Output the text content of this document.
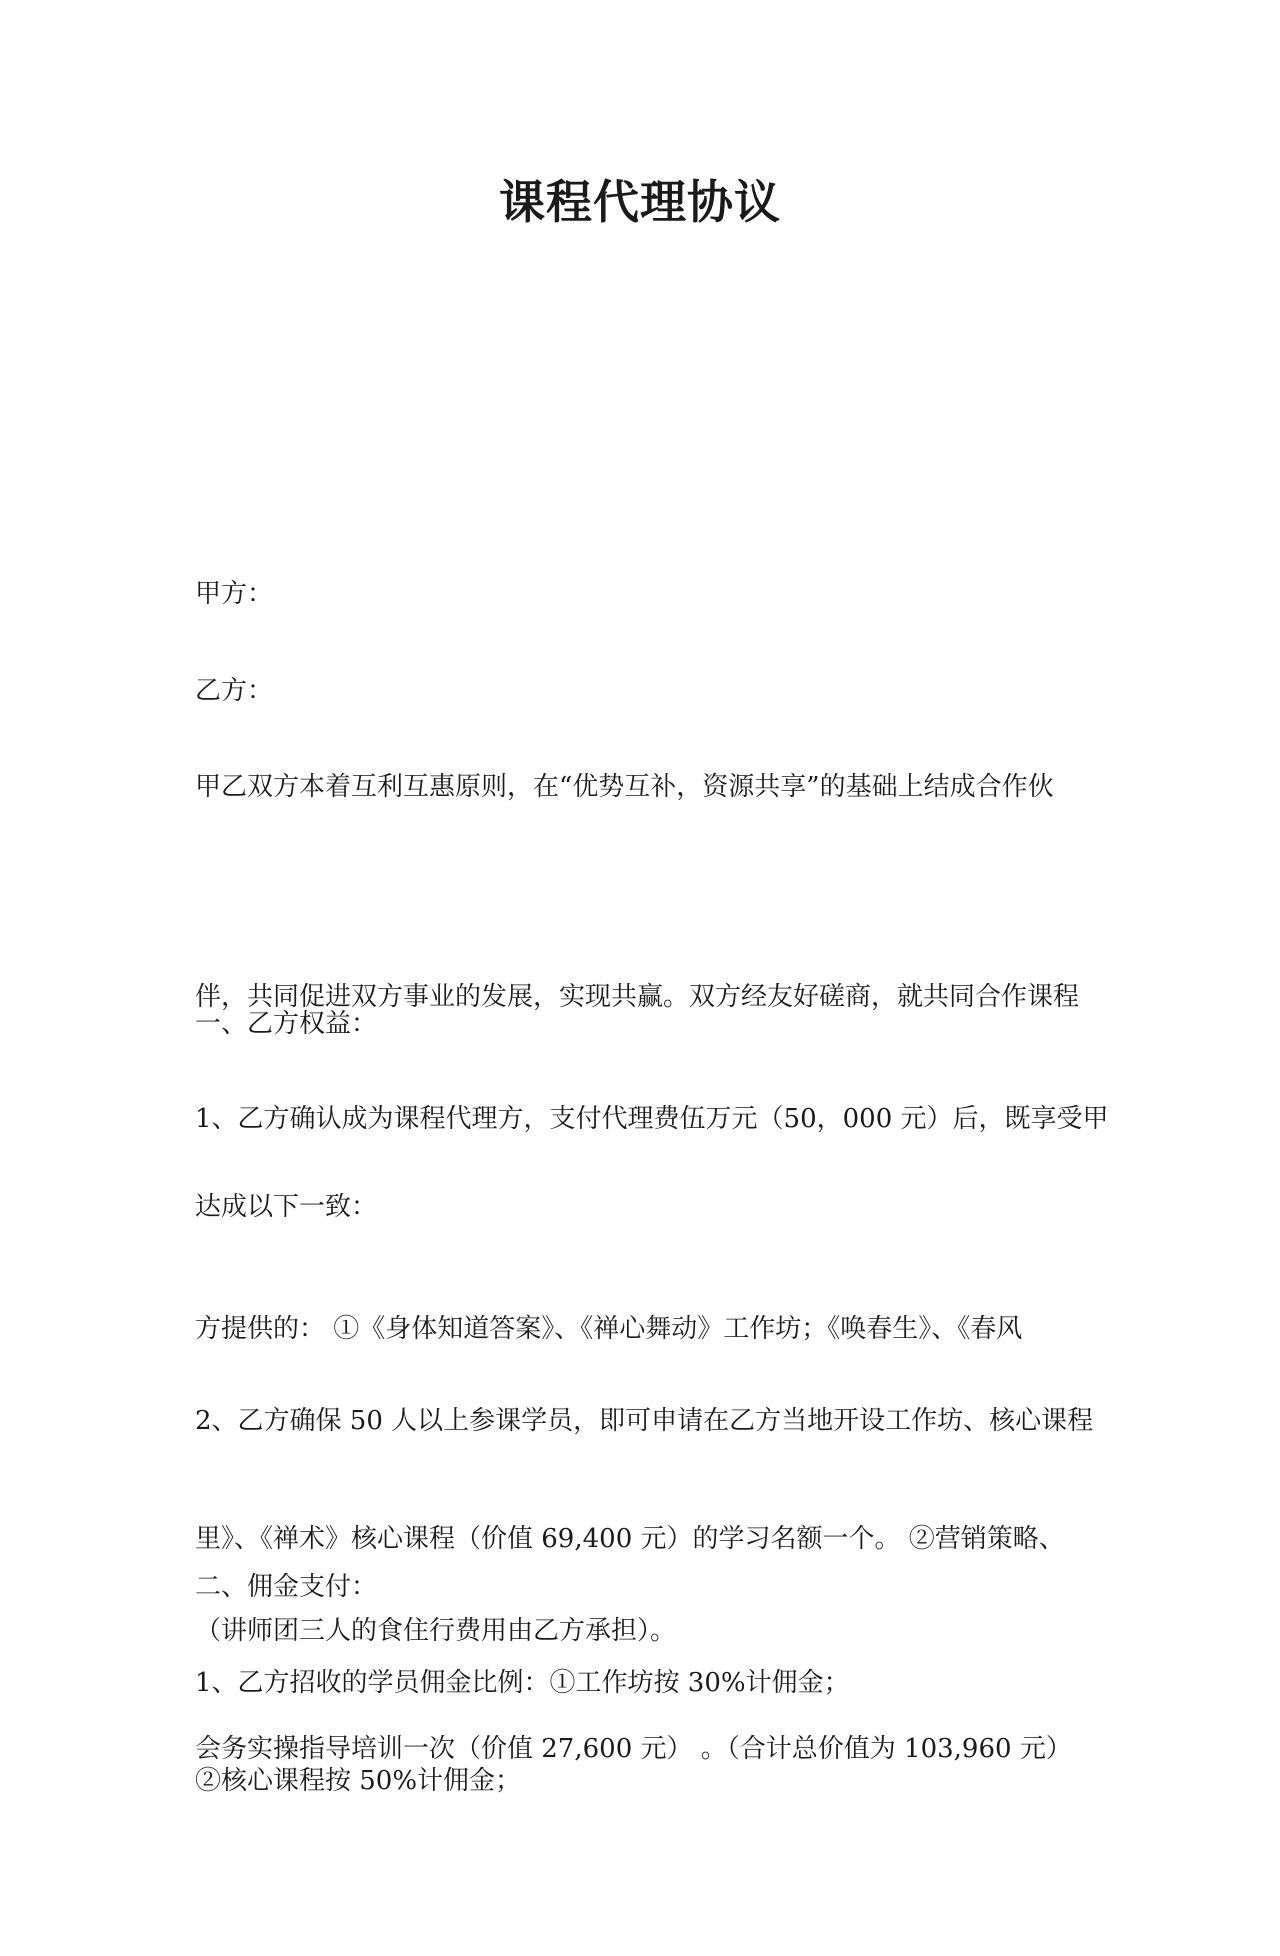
课程代理协议

甲方：

乙方：

甲乙双方本着互利互惠原则，在“优势互补，资源共享”的基础上结成合作伙

伴，共同促进双方事业的发展，实现共赢。双方经友好磋商，就共同合作课程

达成以下一致：

一、乙方权益：

1、乙方确认成为课程代理方，支付代理费伍万元（50，000 元）后，既享受甲

方提供的： ①《身体知道答案》、《禅心舞动》工作坊；《唤春生》、《春风

里》、《禅术》核心课程（价值 69,400 元）的学习名额一个。 ②营销策略、

会务实操指导培训一次（价值 27,600 元） 。（合计总价值为 103,960 元）

2、乙方确保 50 人以上参课学员，即可申请在乙方当地开设工作坊、核心课程

（讲师团三人的食住行费用由乙方承担）。

二、佣金支付：

1、乙方招收的学员佣金比例：①工作坊按 30%计佣金；

②核心课程按 50%计佣金；
